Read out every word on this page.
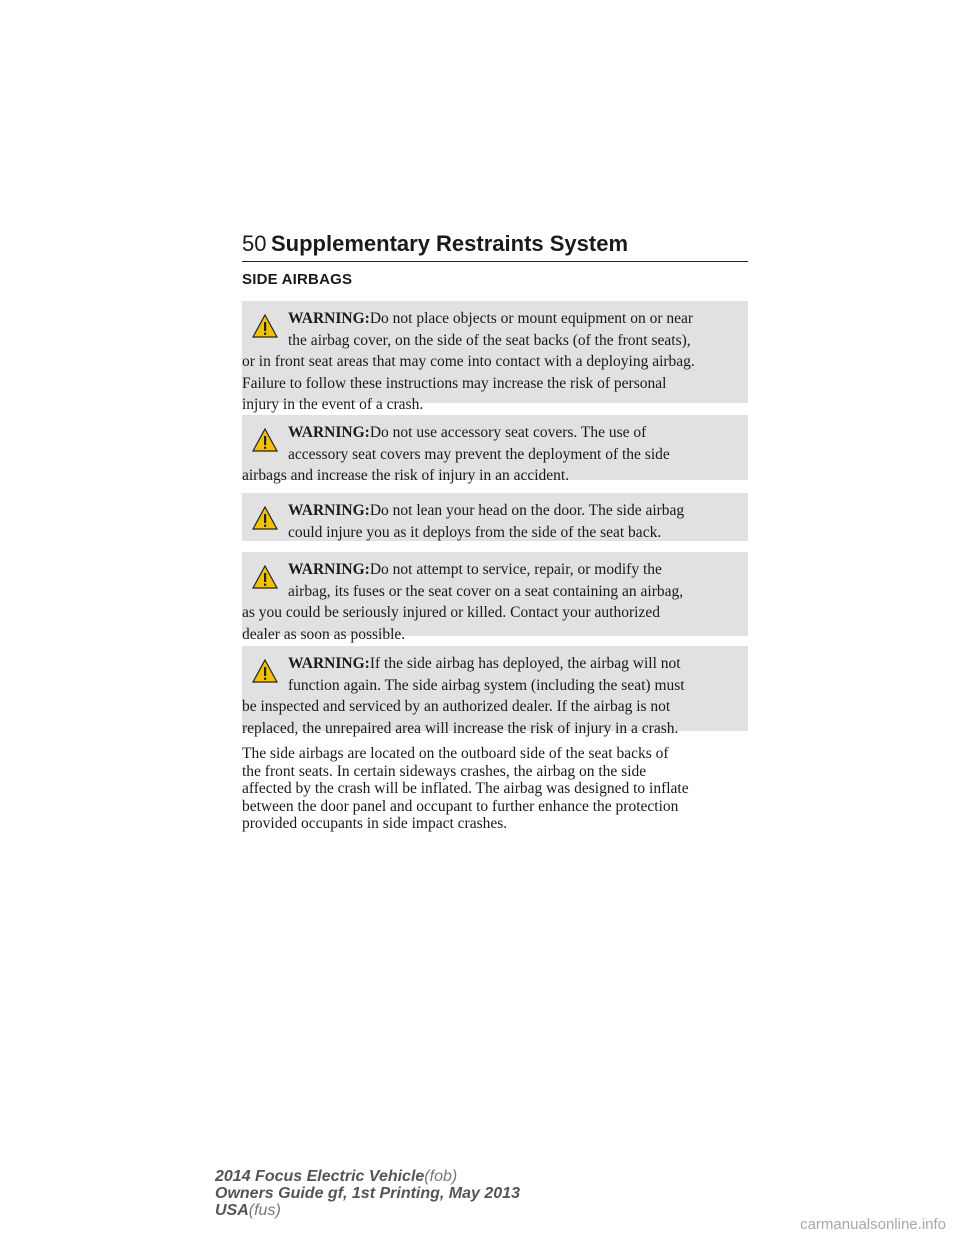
50 Supplementary Restraints System
SIDE AIRBAGS
WARNING:Do not place objects or mount equipment on or near
the airbag cover, on the side of the seat backs (of the front seats),
or in front seat areas that may come into contact with a deploying airbag.
Failure to follow these instructions may increase the risk of personal
injury in the event of a crash.
WARNING:Do not use accessory seat covers. The use of
accessory seat covers may prevent the deployment of the side
airbags and increase the risk of injury in an accident.
WARNING:Do not lean your head on the door. The side airbag
could injure you as it deploys from the side of the seat back.
WARNING:Do not attempt to service, repair, or modify the
airbag, its fuses or the seat cover on a seat containing an airbag,
as you could be seriously injured or killed. Contact your authorized
dealer as soon as possible.
WARNING:If the side airbag has deployed, the airbag will not
function again. The side airbag system (including the seat) must
be inspected and serviced by an authorized dealer. If the airbag is not
replaced, the unrepaired area will increase the risk of injury in a crash.
The side airbags are located on the outboard side of the seat backs of
the front seats. In certain sideways crashes, the airbag on the side
affected by the crash will be inflated. The airbag was designed to inflate
between the door panel and occupant to further enhance the protection
provided occupants in side impact crashes.
2014 Focus Electric Vehicle(fob)
Owners Guide gf, 1st Printing, May 2013
USA(fus)
carmanualsonline.info
